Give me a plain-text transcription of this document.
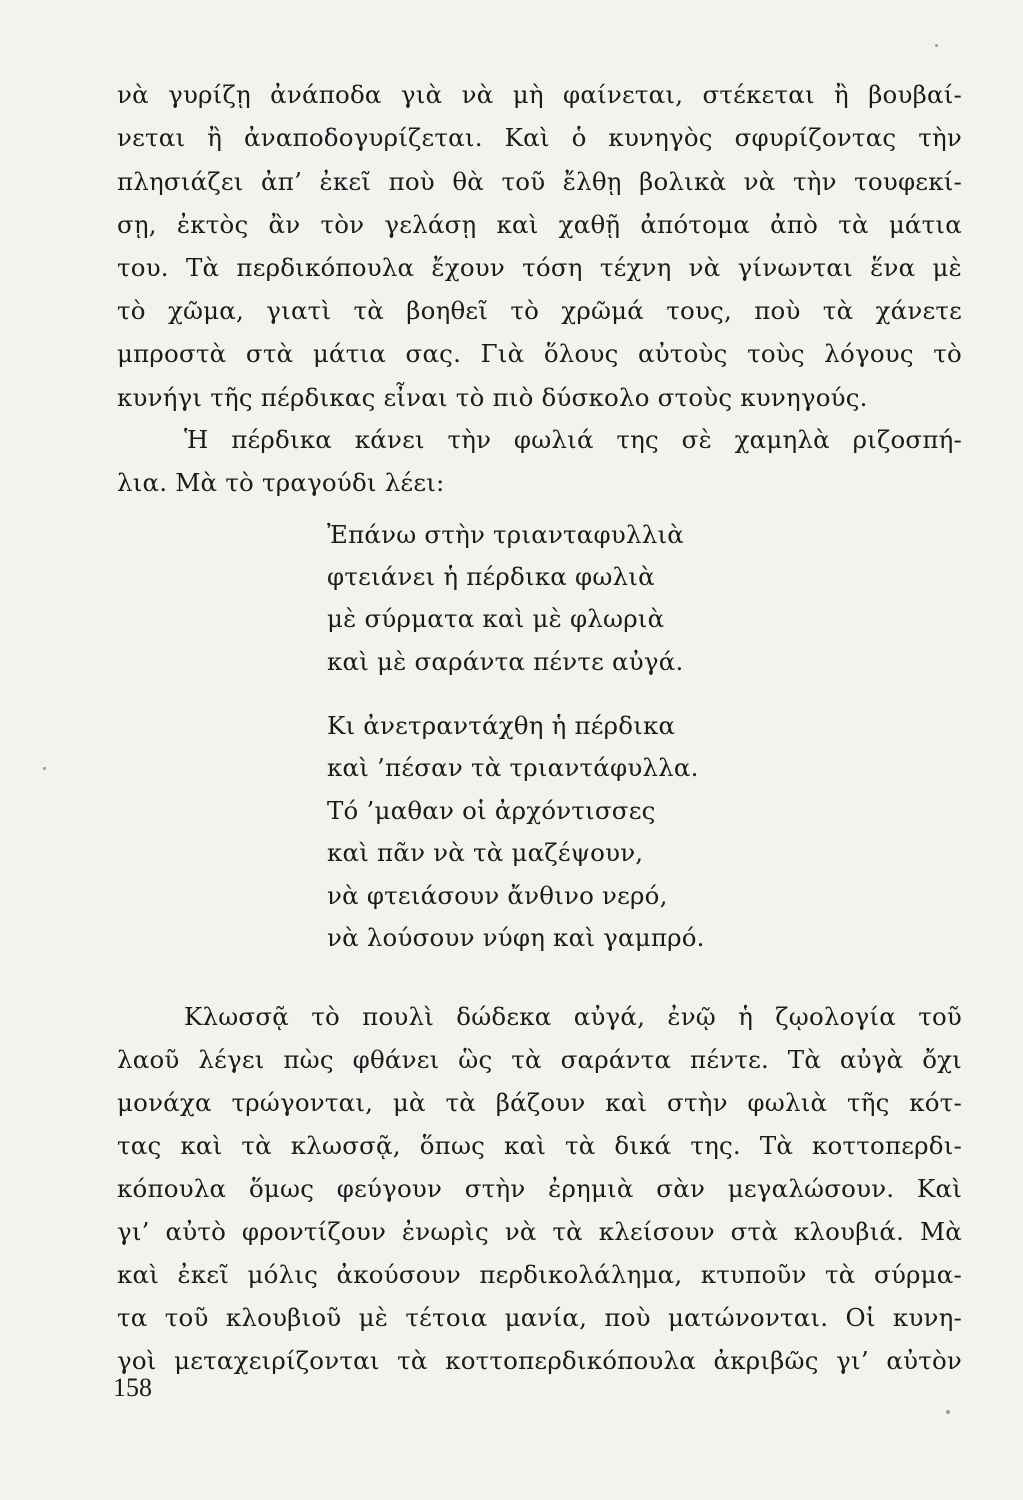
νὰ γυρίζῃ ἀνάποδα γιὰ νὰ μὴ φαίνεται, στέκεται ἢ βουβαί-

νεται ἢ ἀναποδογυρίζεται. Καὶ ὁ κυνηγὸς σφυρίζοντας τὴν

πλησιάζει ἀπ’ ἐκεῖ ποὺ θὰ τοῦ ἔλθῃ βολικὰ νὰ τὴν τουφεκί-

σῃ, ἐκτὸς ἂν τὸν γελάσῃ καὶ χαθῇ ἀπότομα ἀπὸ τὰ μάτια

του. Τὰ περδικόπουλα ἔχουν τόση τέχνη νὰ γίνωνται ἕνα μὲ

τὸ χῶμα, γιατὶ τὰ βοηθεῖ τὸ χρῶμά τους, ποὺ τὰ χάνετε

μπροστὰ στὰ μάτια σας. Γιὰ ὅλους αὐτοὺς τοὺς λόγους τὸ

κυνήγι τῆς πέρδικας εἶναι τὸ πιὸ δύσκολο στοὺς κυνηγούς.

Ἡ πέρδικα κάνει τὴν φωλιά της σὲ χαμηλὰ ριζοσπή-

λια. Μὰ τὸ τραγούδι λέει:

Ἐπάνω στὴν τριανταφυλλιὰ

φτειάνει ἡ πέρδικα φωλιὰ

μὲ σύρματα καὶ μὲ φλωριὰ

καὶ μὲ σαράντα πέντε αὐγά.

Κι ἀνετραντάχθη ἡ πέρδικα

καὶ ’πέσαν τὰ τριαντάφυλλα.

Τό ’μαθαν οἱ ἀρχόντισσες

καὶ πᾶν νὰ τὰ μαζέψουν,

νὰ φτειάσουν ἄνθινο νερό,

νὰ λούσουν νύφη καὶ γαμπρό.

Κλωσσᾷ τὸ πουλὶ δώδεκα αὐγά, ἐνῷ ἡ ζῳολογία τοῦ

λαοῦ λέγει πὼς φθάνει ὣς τὰ σαράντα πέντε. Τὰ αὐγὰ ὄχι

μονάχα τρώγονται, μὰ τὰ βάζουν καὶ στὴν φωλιὰ τῆς κότ-

τας καὶ τὰ κλωσσᾷ, ὅπως καὶ τὰ δικά της. Τὰ κοττοπερδι-

κόπουλα ὅμως φεύγουν στὴν ἐρημιὰ σὰν μεγαλώσουν. Καὶ

γι’ αὐτὸ φροντίζουν ἐνωρὶς νὰ τὰ κλείσουν στὰ κλουβιά. Μὰ

καὶ ἐκεῖ μόλις ἀκούσουν περδικολάλημα, κτυποῦν τὰ σύρμα-

τα τοῦ κλουβιοῦ μὲ τέτοια μανία, ποὺ ματώνονται. Οἱ κυνη-

γοὶ μεταχειρίζονται τὰ κοττοπερδικόπουλα ἀκριβῶς γι’ αὐτὸν

158
